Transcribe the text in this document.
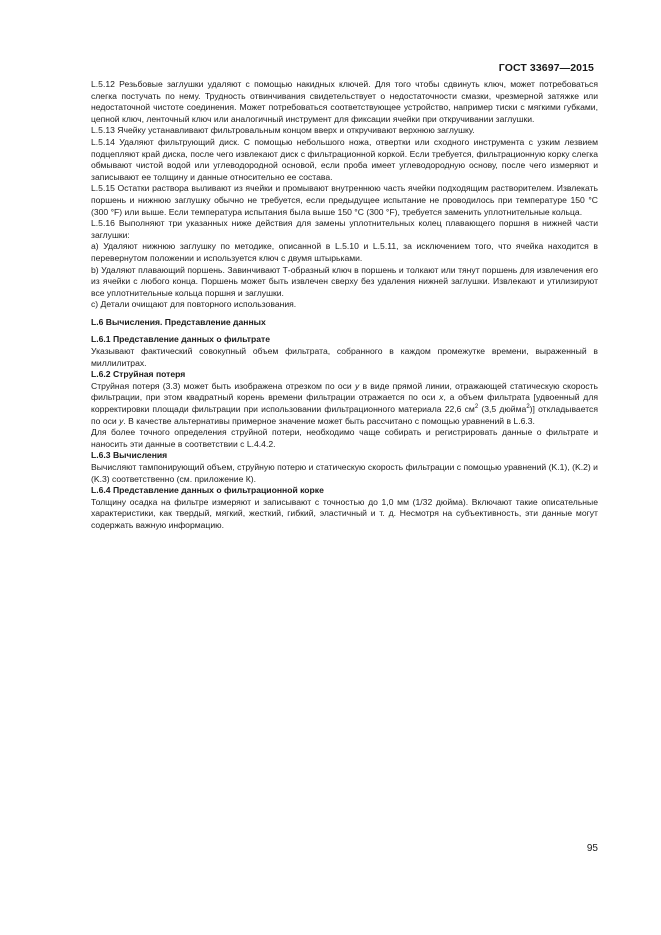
ГОСТ 33697—2015

L.5.12 Резьбовые заглушки удаляют с помощью накидных ключей. Для того чтобы сдвинуть ключ, может потребоваться слегка постучать по нему. Трудность отвинчивания свидетельствует о недостаточности смазки, чрезмерной затяжке или недостаточной чистоте соединения. Может потребоваться соответствующее устройство, например тиски с мягкими губками, цепной ключ, ленточный ключ или аналогичный инструмент для фиксации ячейки при откручивании заглушки.

L.5.13 Ячейку устанавливают фильтровальным концом вверх и откручивают верхнюю заглушку.

L.5.14 Удаляют фильтрующий диск. С помощью небольшого ножа, отвертки или сходного инструмента с узким лезвием подцепляют край диска, после чего извлекают диск с фильтрационной коркой. Если требуется, фильтрационную корку слегка обмывают чистой водой или углеводородной основой, если проба имеет углеводородную основу, после чего измеряют и записывают ее толщину и данные относительно ее состава.

L.5.15 Остатки раствора выливают из ячейки и промывают внутреннюю часть ячейки подходящим растворителем. Извлекать поршень и нижнюю заглушку обычно не требуется, если предыдущее испытание не проводилось при температуре 150 °С (300 °F) или выше. Если температура испытания была выше 150 °С (300 °F), требуется заменить уплотнительные кольца.

L.5.16 Выполняют три указанных ниже действия для замены уплотнительных колец плавающего поршня в нижней части заглушки:

а) Удаляют нижнюю заглушку по методике, описанной в L.5.10 и L.5.11, за исключением того, что ячейка находится в перевернутом положении и используется ключ с двумя штырьками.

b) Удаляют плавающий поршень. Завинчивают Т-образный ключ в поршень и толкают или тянут поршень для извлечения его из ячейки с любого конца. Поршень может быть извлечен сверху без удаления нижней заглушки. Извлекают и утилизируют все уплотнительные кольца поршня и заглушки.

с) Детали очищают для повторного использования.

L.6 Вычисления. Представление данных

L.6.1 Представление данных о фильтрате

Указывают фактический совокупный объем фильтрата, собранного в каждом промежутке времени, выраженный в миллилитрах.

L.6.2 Струйная потеря

Струйная потеря (3.3) может быть изображена отрезком по оси y в виде прямой линии, отражающей статическую скорость фильтрации, при этом квадратный корень времени фильтрации отражается по оси x, а объем фильтрата [удвоенный для корректировки площади фильтрации при использовании фильтрационного материала 22,6 $см^2$ (3,5 дюйма$^2$)] откладывается по оси y. В качестве альтернативы примерное значение может быть рассчитано с помощью уравнений в L.6.3.

Для более точного определения струйной потери, необходимо чаще собирать и регистрировать данные о фильтрате и наносить эти данные в соответствии с L.4.4.2.

L.6.3 Вычисления

Вычисляют тампонирующий объем, струйную потерю и статическую скорость фильтрации с помощью уравнений (K.1), (K.2) и (K.3) соответственно (см. приложение К).

L.6.4 Представление данных о фильтрационной корке

Толщину осадка на фильтре измеряют и записывают с точностью до 1,0 мм (1/32 дюйма). Включают такие описательные характеристики, как твердый, мягкий, жесткий, гибкий, эластичный и т. д. Несмотря на субъективность, эти данные могут содержать важную информацию.

95
